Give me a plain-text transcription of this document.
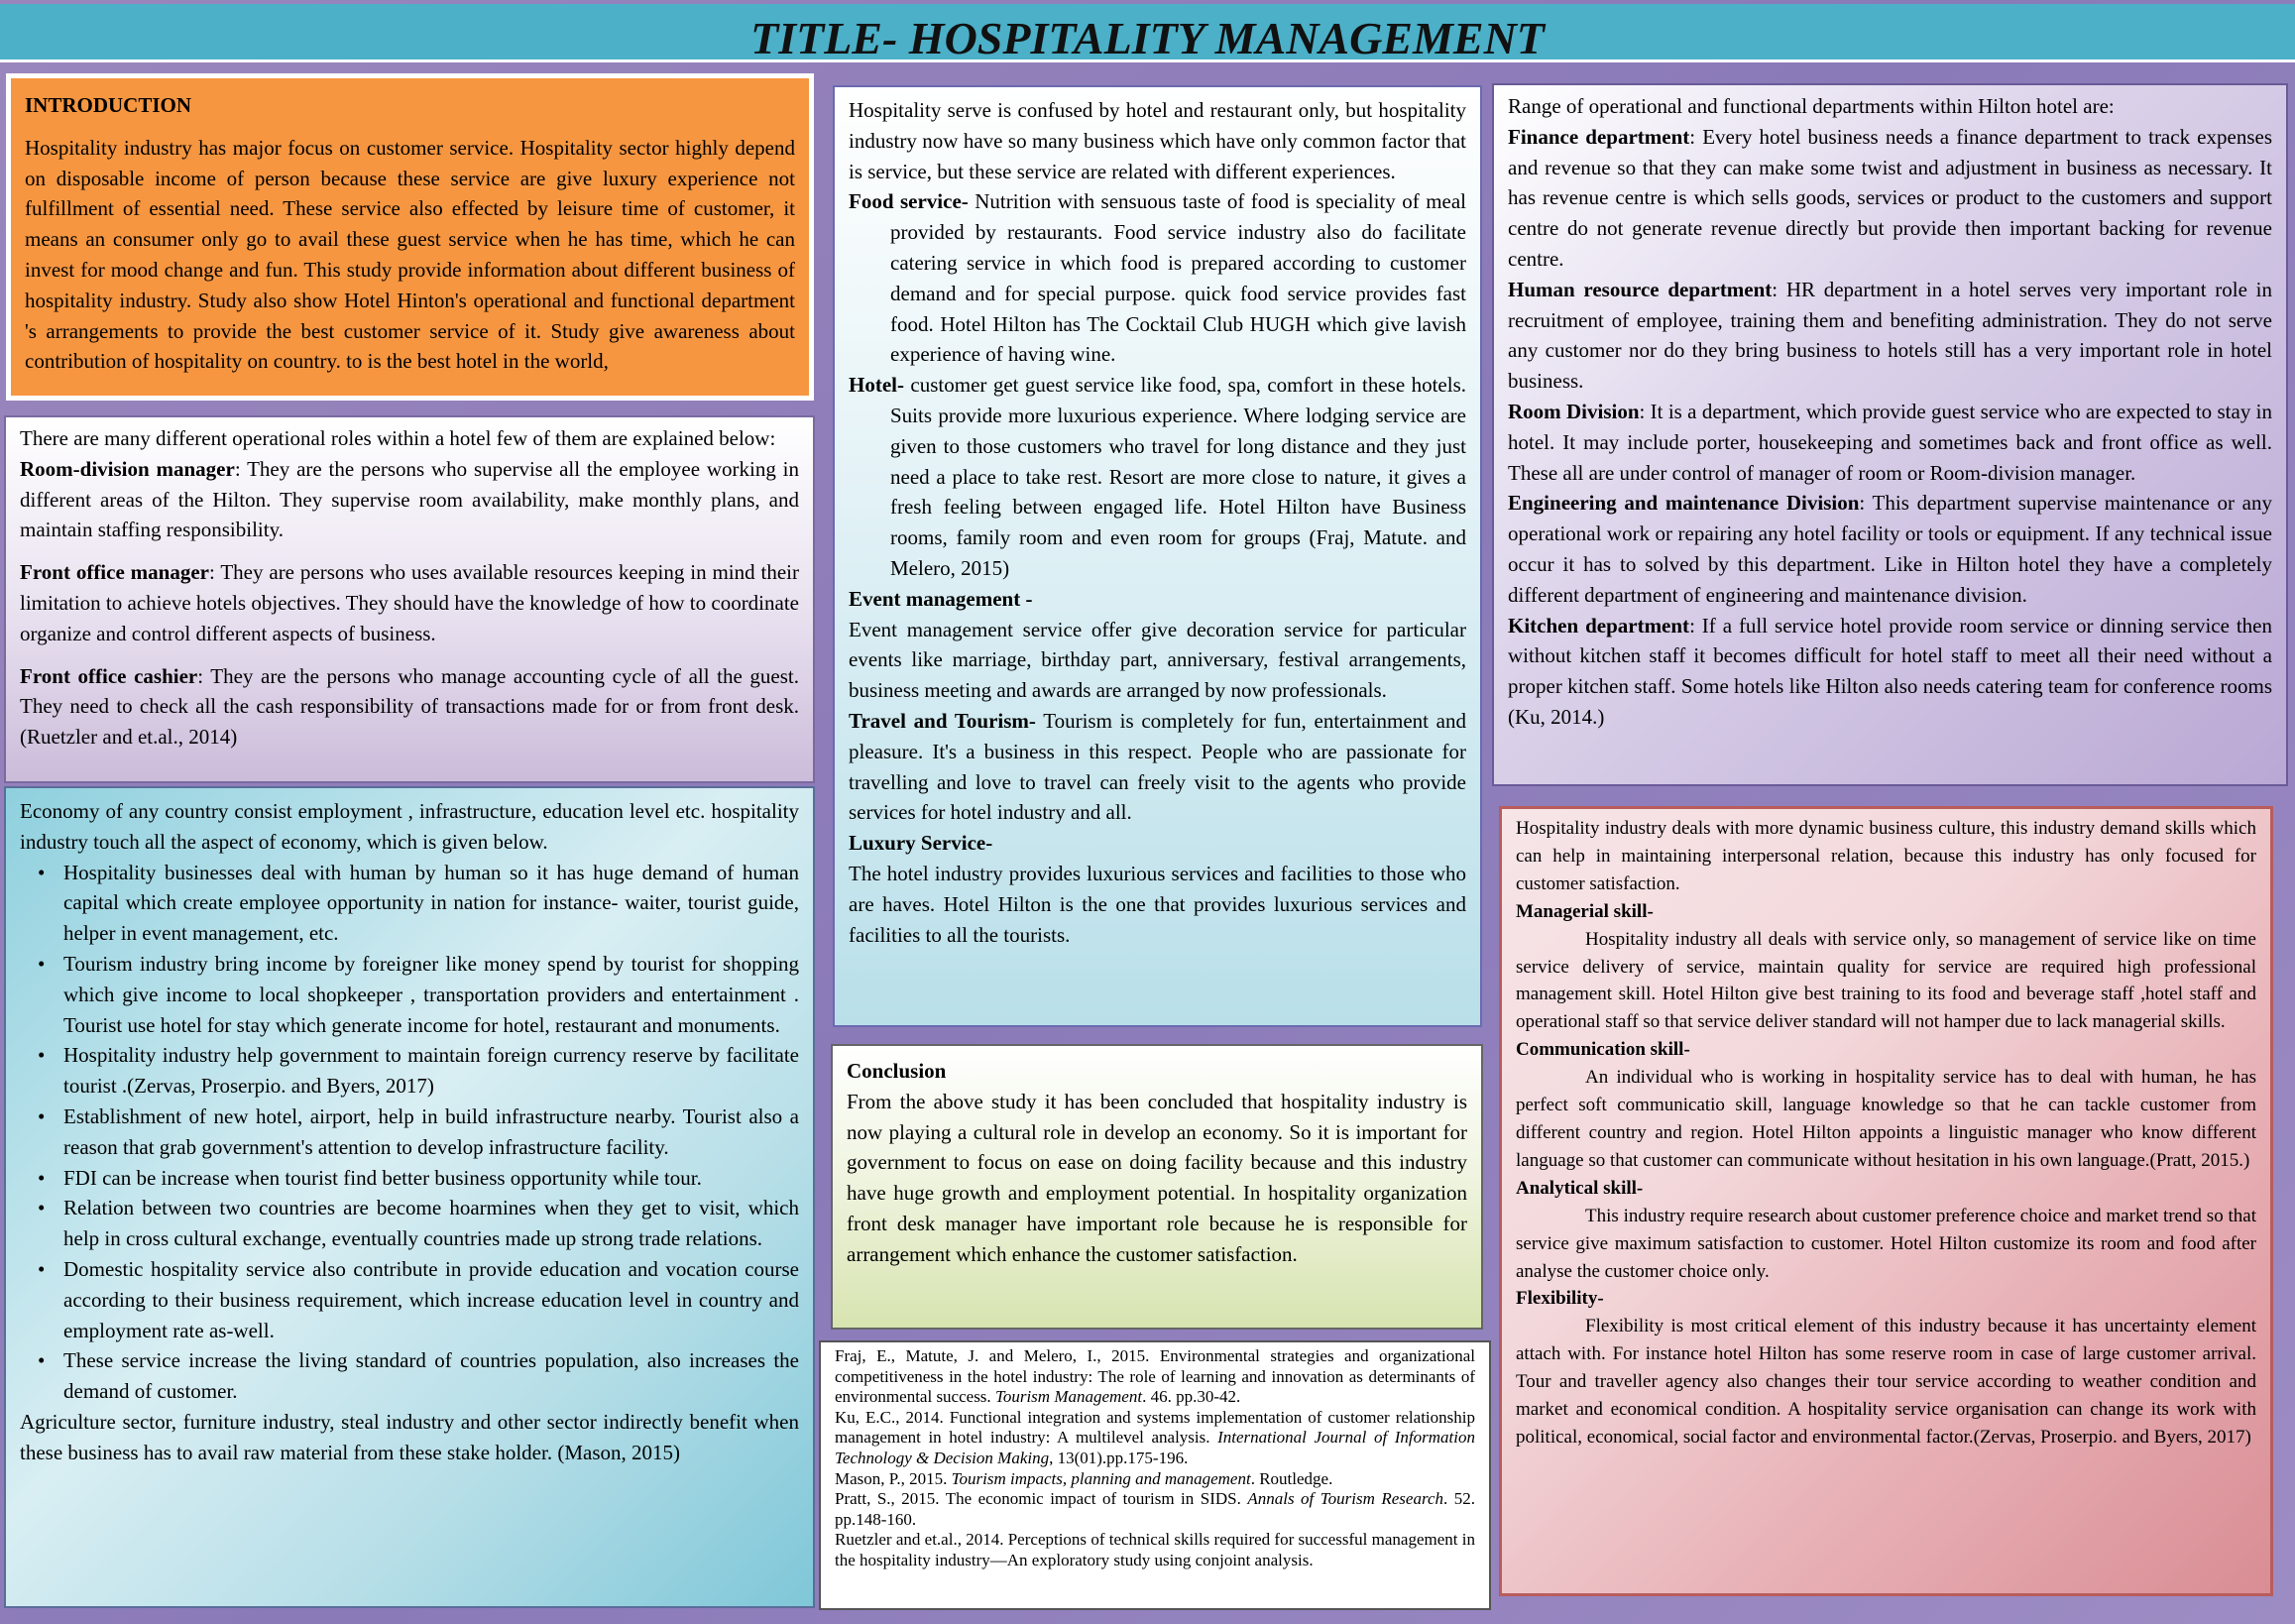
TITLE- HOSPITALITY MANAGEMENT

INTRODUCTION

Hospitality industry has major focus on customer service. Hospitality sector highly depend on disposable income of person because these service are give luxury experience not fulfillment of essential need. These service also effected by leisure time of customer, it means an consumer only go to avail these guest service when he has time, which he can invest for mood change and fun. This study provide information about different business of hospitality industry. Study also show Hotel Hinton's operational and functional department 's arrangements to provide the best customer service of it. Study give awareness about contribution of hospitality on country. to is the best hotel in the world,

There are many different operational roles within a hotel few of them are explained below:

Room-division manager: They are the persons who supervise all the employee working in different areas of the Hilton. They supervise room availability, make monthly plans, and maintain staffing responsibility.

Front office manager: They are persons who uses available resources keeping in mind their limitation to achieve hotels objectives. They should have the knowledge of how to coordinate organize and control different aspects of business.

Front office cashier: They are the persons who manage accounting cycle of all the guest. They need to check all the cash responsibility of transactions made for or from front desk. (Ruetzler and et.al., 2014)

Economy of any country consist employment , infrastructure, education level etc. hospitality industry touch all the aspect of economy, which is given below.

• Hospitality businesses deal with human by human so it has huge demand of human capital which create employee opportunity in nation for instance- waiter, tourist guide, helper in event management, etc.
• Tourism industry bring income by foreigner like money spend by tourist for shopping which give income to local shopkeeper , transportation providers and entertainment . Tourist use hotel for stay which generate income for hotel, restaurant and monuments.
• Hospitality industry help government to maintain foreign currency reserve by facilitate tourist .(Zervas, Proserpio. and Byers, 2017)
• Establishment of new hotel, airport, help in build infrastructure nearby. Tourist also a reason that grab government's attention to develop infrastructure facility.
• FDI can be increase when tourist find better business opportunity while tour.
• Relation between two countries are become hoarmines when they get to visit, which help in cross cultural exchange, eventually countries made up strong trade relations.
• Domestic hospitality service also contribute in provide education and vocation course according to their business requirement, which increase education level in country and employment rate as-well.
• These service increase the living standard of countries population, also increases the demand of customer.

Agriculture sector, furniture industry, steal industry and other sector indirectly benefit when these business has to avail raw material from these stake holder. (Mason, 2015)

Hospitality serve is confused by hotel and restaurant only, but hospitality industry now have so many business which have only common factor that is service, but these service are related with different experiences.

Food service- Nutrition with sensuous taste of food is speciality of meal provided by restaurants. Food service industry also do facilitate catering service in which food is prepared according to customer demand and for special purpose. quick food service provides fast food. Hotel Hilton has The Cocktail Club HUGH which give lavish experience of having wine.

Hotel- customer get guest service like food, spa, comfort in these hotels. Suits provide more luxurious experience. Where lodging service are given to those customers who travel for long distance and they just need a place to take rest. Resort are more close to nature, it gives a fresh feeling between engaged life. Hotel Hilton have Business rooms, family room and even room for groups (Fraj, Matute. and Melero, 2015)

Event management -

Event management service offer give decoration service for particular events like marriage, birthday part, anniversary, festival arrangements, business meeting and awards are arranged by now professionals.

Travel and Tourism- Tourism is completely for fun, entertainment and pleasure. It's a business in this respect. People who are passionate for travelling and love to travel can freely visit to the agents who provide services for hotel industry and all.

Luxury Service-

The hotel industry provides luxurious services and facilities to those who are haves. Hotel Hilton is the one that provides luxurious services and facilities to all the tourists.

Conclusion

From the above study it has been concluded that hospitality industry is now playing a cultural role in develop an economy. So it is important for government to focus on ease on doing facility because and this industry have huge growth and employment potential. In hospitality organization front desk manager have important role because he is responsible for arrangement which enhance the customer satisfaction.

Fraj, E., Matute, J. and Melero, I., 2015. Environmental strategies and organizational competitiveness in the hotel industry: The role of learning and innovation as determinants of environmental success. Tourism Management. 46. pp.30-42.

Ku, E.C., 2014. Functional integration and systems implementation of customer relationship management in hotel industry: A multilevel analysis. International Journal of Information Technology & Decision Making, 13(01).pp.175-196.

Mason, P., 2015. Tourism impacts, planning and management. Routledge.

Pratt, S., 2015. The economic impact of tourism in SIDS. Annals of Tourism Research. 52. pp.148-160.

Ruetzler and et.al., 2014. Perceptions of technical skills required for successful management in the hospitality industry—An exploratory study using conjoint analysis.

Range of operational and functional departments within Hilton hotel are:

Finance department: Every hotel business needs a finance department to track expenses and revenue so that they can make some twist and adjustment in business as necessary. It has revenue centre is which sells goods, services or product to the customers and support centre do not generate revenue directly but provide then important backing for revenue centre.

Human resource department: HR department in a hotel serves very important role in recruitment of employee, training them and benefiting administration. They do not serve any customer nor do they bring business to hotels still has a very important role in hotel business.

Room Division: It is a department, which provide guest service who are expected to stay in hotel. It may include porter, housekeeping and sometimes back and front office as well. These all are under control of manager of room or Room-division manager.

Engineering and maintenance Division: This department supervise maintenance or any operational work or repairing any hotel facility or tools or equipment. If any technical issue occur it has to solved by this department. Like in Hilton hotel they have a completely different department of engineering and maintenance division.

Kitchen department: If a full service hotel provide room service or dinning service then without kitchen staff it becomes difficult for hotel staff to meet all their need without a proper kitchen staff. Some hotels like Hilton also needs catering team for conference rooms (Ku, 2014.)

Hospitality industry deals with more dynamic business culture, this industry demand skills which can help in maintaining interpersonal relation, because this industry has only focused for customer satisfaction.

Managerial skill-

Hospitality industry all deals with service only, so management of service like on time service delivery of service, maintain quality for service are required high professional management skill. Hotel Hilton give best training to its food and beverage staff ,hotel staff and operational staff so that service deliver standard will not hamper due to lack managerial skills.

Communication skill-

An individual who is working in hospitality service has to deal with human, he has perfect soft communicatio skill, language knowledge so that he can tackle customer from different country and region. Hotel Hilton appoints a linguistic manager who know different language so that customer can communicate without hesitation in his own language.(Pratt, 2015.)

Analytical skill-

This industry require research about customer preference choice and market trend so that service give maximum satisfaction to customer. Hotel Hilton customize its room and food after analyse the customer choice only.

Flexibility-

Flexibility is most critical element of this industry because it has uncertainty element attach with. For instance hotel Hilton has some reserve room in case of large customer arrival. Tour and traveller agency also changes their tour service according to weather condition and market and economical condition. A hospitality service organisation can change its work with political, economical, social factor and environmental factor.(Zervas, Proserpio. and Byers, 2017)
